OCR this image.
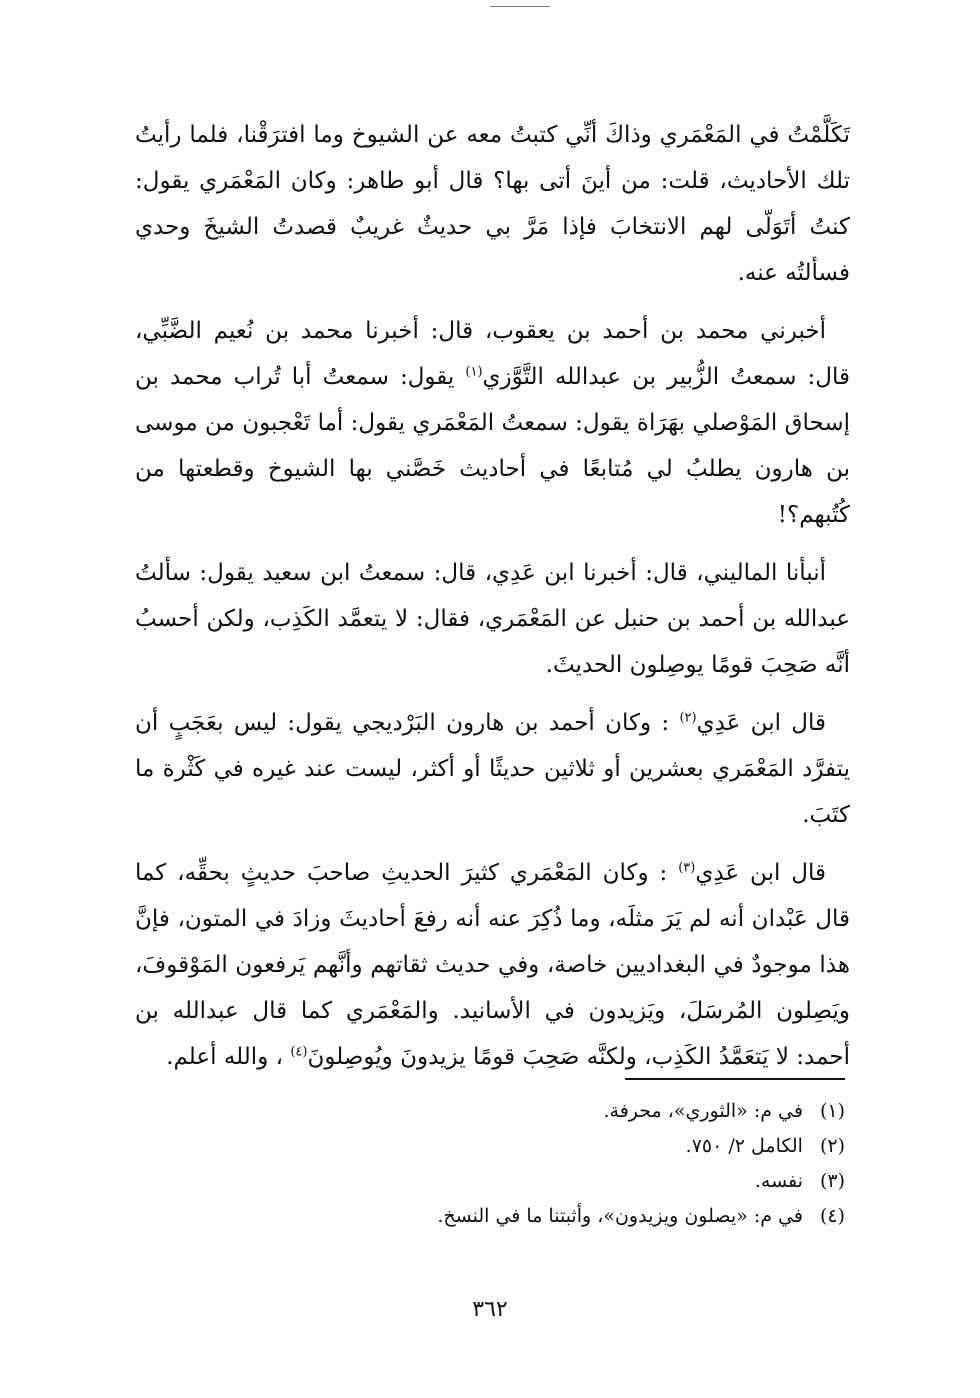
تَكَلَّمْتُ في المَعْمَري وذاكَ أنِّي كتبتُ معه عن الشيوخ وما افترَقْنا، فلما رأيتُ تلك الأحاديث، قلت: من أينَ أتى بها؟ قال أبو طاهر: وكان المَعْمَري يقول: كنتُ أتَوَلّى لهم الانتخابَ فإذا مَرَّ بي حديثٌ غريبٌ قصدتُ الشيخَ وحدي فسألتُه عنه.

أخبرني محمد بن أحمد بن يعقوب، قال: أخبرنا محمد بن نُعيم الضَّبِّي، قال: سمعتُ الزُّبير بن عبدالله التَّوَّزي$^{(١)}$ يقول: سمعتُ أبا تُراب محمد بن إسحاق المَوْصلي بهَرَاة يقول: سمعتُ المَعْمَري يقول: أما تَعْجبون من موسى بن هارون يطلبُ لي مُتابعًا في أحاديث خَصَّني بها الشيوخ وقطعتها من كُتُبهم؟!

أنبأنا الماليني، قال: أخبرنا ابن عَدِي، قال: سمعتُ ابن سعيد يقول: سألتُ عبدالله بن أحمد بن حنبل عن المَعْمَري، فقال: لا يتعمَّد الكَذِب، ولكن أحسبُ أنَّه صَحِبَ قومًا يوصِلون الحديثَ.

قال ابن عَدِي$^{(٢)}$ : وكان أحمد بن هارون البَرْديجي يقول: ليس بعَجَبٍ أن يتفرَّد المَعْمَري بعشرين أو ثلاثين حديثًا أو أكثر، ليست عند غيره في كَثْرة ما كتَبَ.

قال ابن عَدِي$^{(٣)}$ : وكان المَعْمَري كثيرَ الحديثِ صاحبَ حديثٍ بحقِّه، كما قال عَبْدان أنه لم يَرَ مثلَه، وما ذُكِرَ عنه أنه رفعَ أحاديثَ وزادَ في المتون، فإنَّ هذا موجودٌ في البغداديين خاصة، وفي حديث ثقاتهم وأنَّهم يَرفعون المَوْقوفَ، ويَصِلون المُرسَلَ، ويَزيدون في الأسانيد. والمَعْمَري كما قال عبدالله بن أحمد: لا يَتعَمَّدُ الكَذِب، ولكنَّه صَحِبَ قومًا يزيدونَ ويُوصِلونَ$^{(٤)}$ ، والله أعلم.

(١) في م: «الثوري»، محرفة.

(٢) الكامل ٢/ ٧٥٠.

(٣) نفسه.

(٤) في م: «يصلون ويزيدون»، وأثبتنا ما في النسخ.

٣٦٢
